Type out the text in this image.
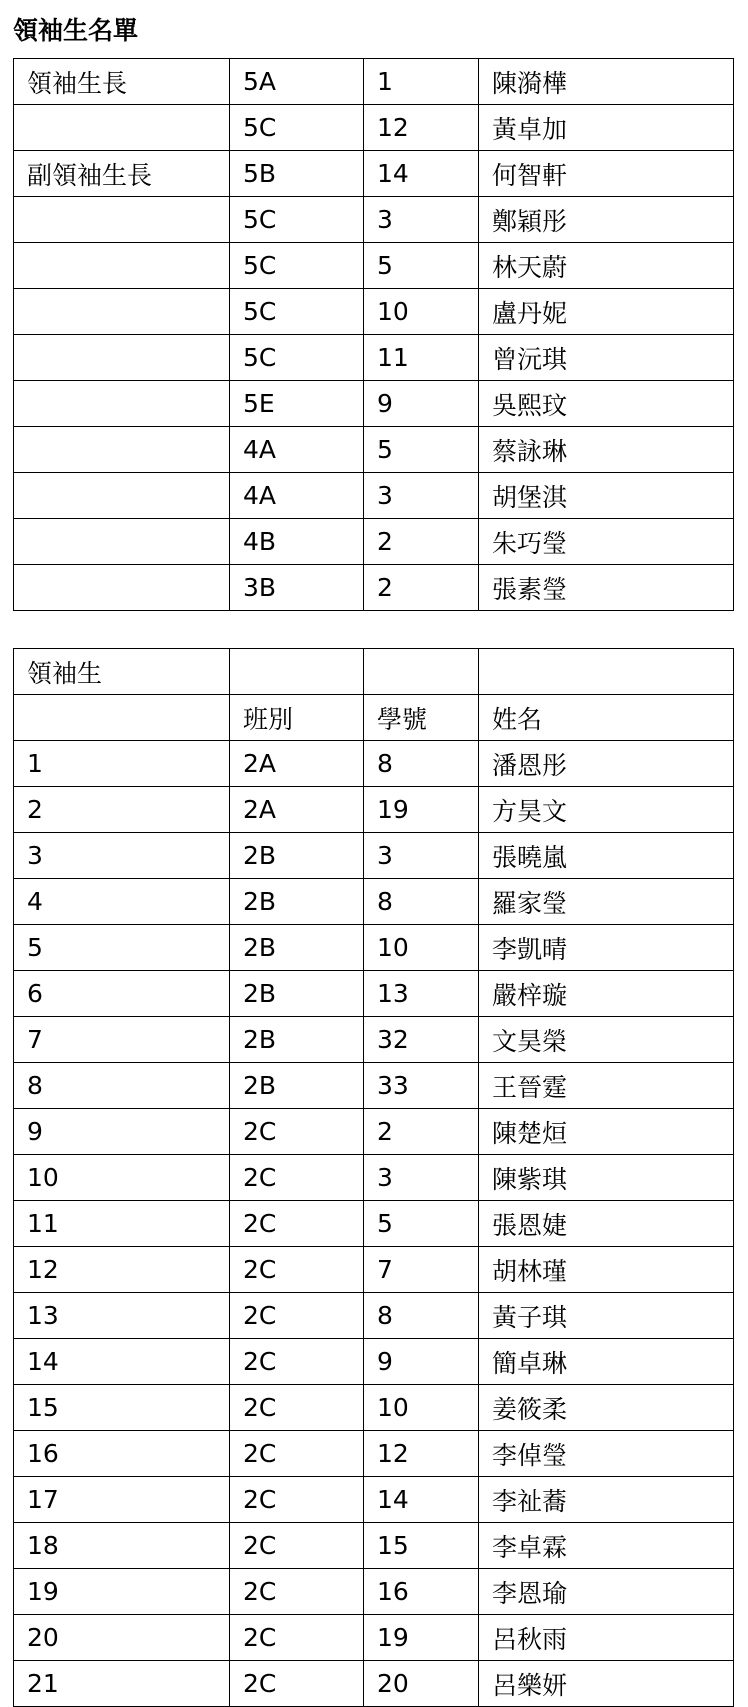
領袖生名單
領袖生長	5A	1	陳漪樺
	5C	12	黃卓加
副領袖生長	5B	14	何智軒
	5C	3	鄭穎彤
	5C	5	林天蔚
	5C	10	盧丹妮
	5C	11	曾沅琪
	5E	9	吳熙玟
	4A	5	蔡詠琳
	4A	3	胡堡淇
	4B	2	朱巧瑩
	3B	2	張素瑩
領袖生			
	班別	學號	姓名
1	2A	8	潘恩彤
2	2A	19	方昊文
3	2B	3	張曉嵐
4	2B	8	羅家瑩
5	2B	10	李凱晴
6	2B	13	嚴梓璇
7	2B	32	文昊榮
8	2B	33	王晉霆
9	2C	2	陳楚烜
10	2C	3	陳紫琪
11	2C	5	張恩婕
12	2C	7	胡林瑾
13	2C	8	黃子琪
14	2C	9	簡卓琳
15	2C	10	姜筱柔
16	2C	12	李倬瑩
17	2C	14	李祉蕎
18	2C	15	李卓霖
19	2C	16	李恩瑜
20	2C	19	呂秋雨
21	2C	20	呂樂妍
